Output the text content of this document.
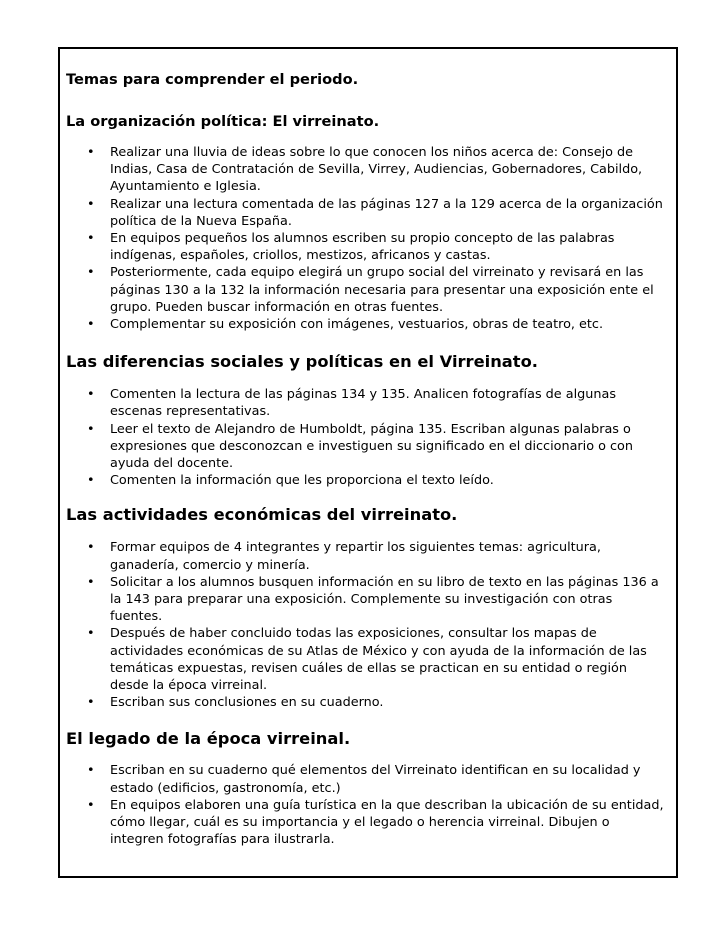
Temas para comprender el periodo.

La organización política: El virreinato.

• Realizar una lluvia de ideas sobre lo que conocen los niños acerca de: Consejo de Indias, Casa de Contratación de Sevilla, Virrey, Audiencias, Gobernadores, Cabildo, Ayuntamiento e Iglesia.
• Realizar una lectura comentada de las páginas 127 a la 129 acerca de la organización política de la Nueva España.
• En equipos pequeños los alumnos escriben su propio concepto de las palabras indígenas, españoles, criollos, mestizos, africanos y castas.
• Posteriormente, cada equipo elegirá un grupo social del virreinato y revisará en las páginas 130 a la 132 la información necesaria para presentar una exposición ente el grupo. Pueden buscar información en otras fuentes.
• Complementar su exposición con imágenes, vestuarios, obras de teatro, etc.

Las diferencias sociales y políticas en el Virreinato.

• Comenten la lectura de las páginas 134 y 135. Analicen fotografías de algunas escenas representativas.
• Leer el texto de Alejandro de Humboldt, página 135. Escriban algunas palabras o expresiones que desconozcan e investiguen su significado en el diccionario o con ayuda del docente.
• Comenten la información que les proporciona el texto leído.

Las actividades económicas del virreinato.

• Formar equipos de 4 integrantes y repartir los siguientes temas: agricultura, ganadería, comercio y minería.
• Solicitar a los alumnos busquen información en su libro de texto en las páginas 136 a la 143 para preparar una exposición. Complemente su investigación con otras fuentes.
• Después de haber concluido todas las exposiciones, consultar los mapas de actividades económicas de su Atlas de México y con ayuda de la información de las temáticas expuestas, revisen cuáles de ellas se practican en su entidad o región desde la época virreinal.
• Escriban sus conclusiones en su cuaderno.

El legado de la época virreinal.

• Escriban en su cuaderno qué elementos del Virreinato identifican en su localidad y estado (edificios, gastronomía, etc.)
• En equipos elaboren una guía turística en la que describan la ubicación de su entidad, cómo llegar, cuál es su importancia y el legado o herencia virreinal. Dibujen o integren fotografías para ilustrarla.
